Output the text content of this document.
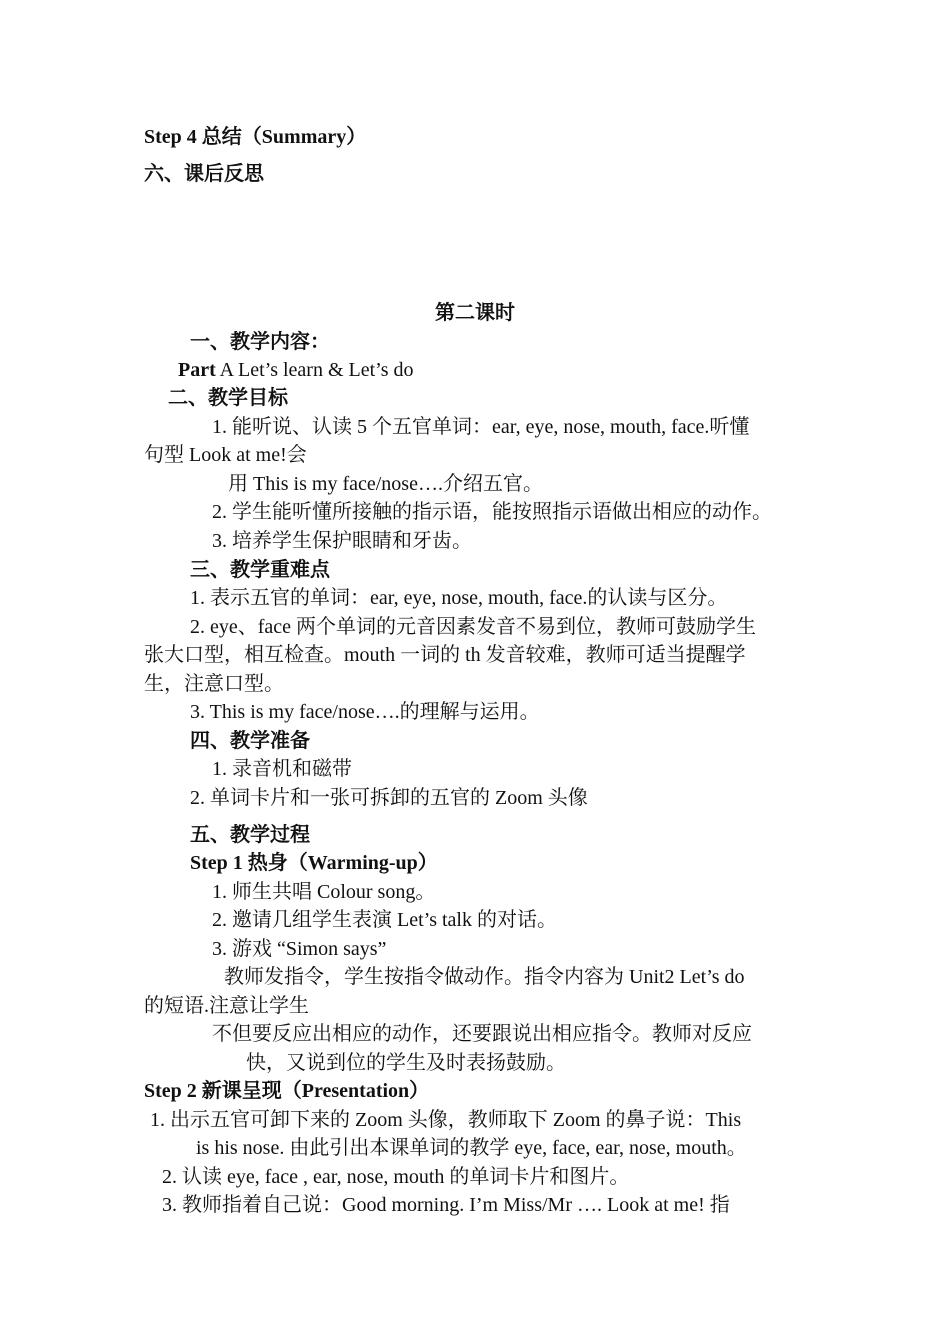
Step 4 总结（Summary）
六、课后反思
第二课时
一、教学内容：
Part A Let’s learn & Let’s do
二、教学目标
1. 能听说、认读 5 个五官单词：ear, eye, nose, mouth, face.听懂
句型 Look at me!会
用 This is my face/nose….介绍五官。
2. 学生能听懂所接触的指示语，能按照指示语做出相应的动作。
3. 培养学生保护眼睛和牙齿。
三、教学重难点
1. 表示五官的单词：ear, eye, nose, mouth, face.的认读与区分。
2. eye、face 两个单词的元音因素发音不易到位，教师可鼓励学生
张大口型，相互检查。mouth 一词的 th 发音较难，教师可适当提醒学
生，注意口型。
3. This is my face/nose….的理解与运用。
四、教学准备
1. 录音机和磁带
2. 单词卡片和一张可拆卸的五官的 Zoom 头像
五、教学过程
Step 1 热身（Warming-up）
1. 师生共唱 Colour song。
2. 邀请几组学生表演 Let’s talk 的对话。
3. 游戏 “Simon says”
教师发指令，学生按指令做动作。指令内容为 Unit2 Let’s do
的短语.注意让学生
不但要反应出相应的动作，还要跟说出相应指令。教师对反应
快，又说到位的学生及时表扬鼓励。
Step 2 新课呈现（Presentation）
1. 出示五官可卸下来的 Zoom 头像，教师取下 Zoom 的鼻子说：This
is his nose. 由此引出本课单词的教学 eye, face, ear, nose, mouth。
2. 认读 eye, face , ear, nose, mouth 的单词卡片和图片。
3. 教师指着自己说：Good morning. I’m Miss/Mr …. Look at me! 指
